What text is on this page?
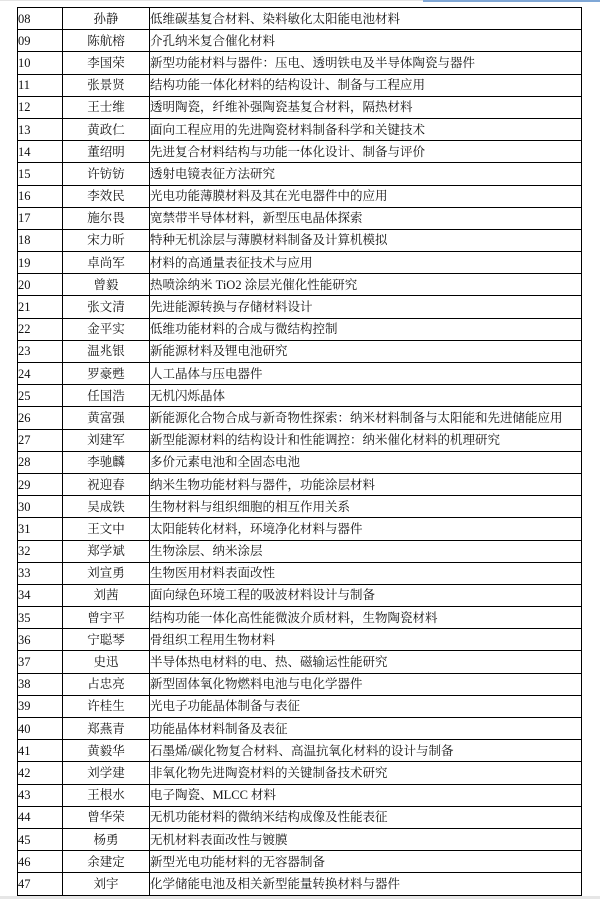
08	孙静	低维碳基复合材料、染料敏化太阳能电池材料
09	陈航榕	介孔纳米复合催化材料
10	李国荣	新型功能材料与器件：压电、透明铁电及半导体陶瓷与器件
11	张景贤	结构功能一体化材料的结构设计、制备与工程应用
12	王士维	透明陶瓷，纤维补强陶瓷基复合材料，隔热材料
13	黄政仁	面向工程应用的先进陶瓷材料制备科学和关键技术
14	董绍明	先进复合材料结构与功能一体化设计、制备与评价
15	许钫钫	透射电镜表征方法研究
16	李效民	光电功能薄膜材料及其在光电器件中的应用
17	施尔畏	宽禁带半导体材料，新型压电晶体探索
18	宋力昕	特种无机涂层与薄膜材料制备及计算机模拟
19	卓尚军	材料的高通量表征技术与应用
20	曾毅	热喷涂纳米 TiO2 涂层光催化性能研究
21	张文清	先进能源转换与存储材料设计
22	金平实	低维功能材料的合成与微结构控制
23	温兆银	新能源材料及锂电池研究
24	罗豪甦	人工晶体与压电器件
25	任国浩	无机闪烁晶体
26	黄富强	新能源化合物合成与新奇物性探索：纳米材料制备与太阳能和先进储能应用
27	刘建军	新型能源材料的结构设计和性能调控：纳米催化材料的机理研究
28	李驰麟	多价元素电池和全固态电池
29	祝迎春	纳米生物功能材料与器件，功能涂层材料
30	吴成铁	生物材料与组织细胞的相互作用关系
31	王文中	太阳能转化材料，环境净化材料与器件
32	郑学斌	生物涂层、纳米涂层
33	刘宣勇	生物医用材料表面改性
34	刘茜	面向绿色环境工程的吸波材料设计与制备
35	曾宇平	结构功能一体化高性能微波介质材料，生物陶瓷材料
36	宁聪琴	骨组织工程用生物材料
37	史迅	半导体热电材料的电、热、磁输运性能研究
38	占忠亮	新型固体氧化物燃料电池与电化学器件
39	许桂生	光电子功能晶体制备与表征
40	郑燕青	功能晶体材料制备及表征
41	黄毅华	石墨烯/碳化物复合材料、高温抗氧化材料的设计与制备
42	刘学建	非氧化物先进陶瓷材料的关键制备技术研究
43	王根水	电子陶瓷、MLCC 材料
44	曾华荣	无机功能材料的微纳米结构成像及性能表征
45	杨勇	无机材料表面改性与镀膜
46	余建定	新型光电功能材料的无容器制备
47	刘宇	化学储能电池及相关新型能量转换材料与器件
